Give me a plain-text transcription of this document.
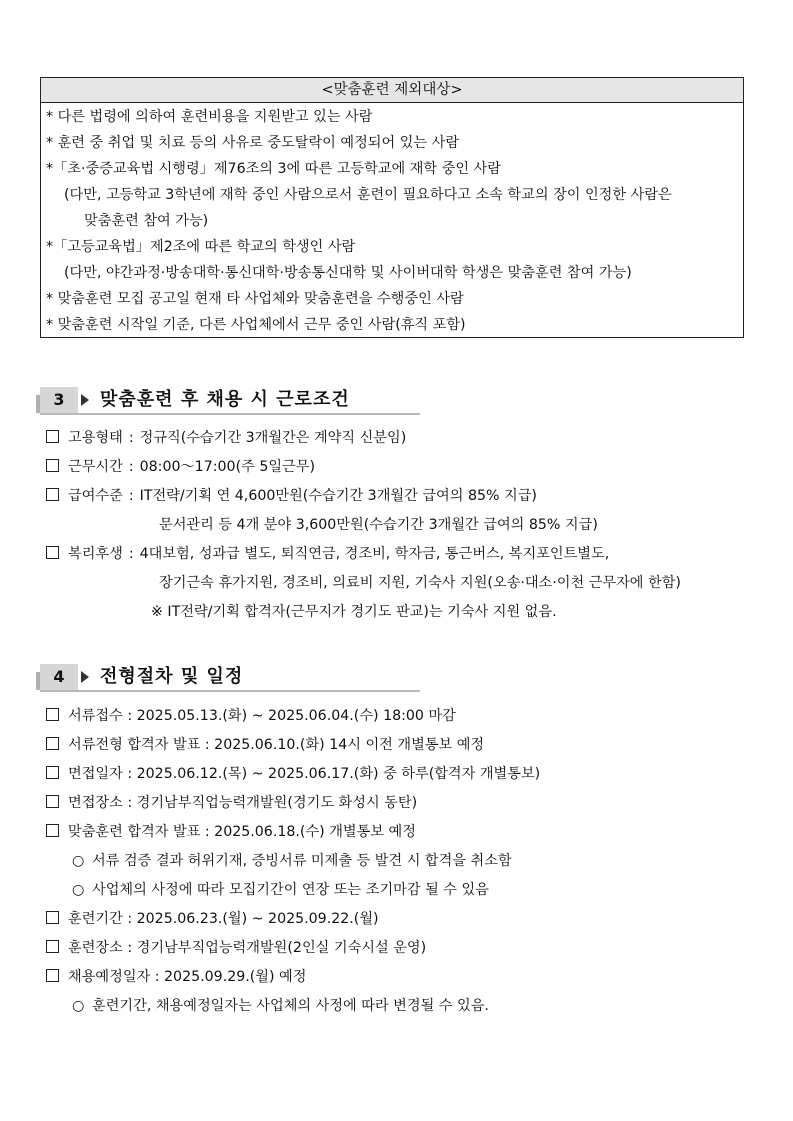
<맞춤훈련 제외대상>
* 다른 법령에 의하여 훈련비용을 지원받고 있는 사람
* 훈련 중 취업 및 치료 등의 사유로 중도탈락이 예정되어 있는 사람
*「초·중증교육법 시행령」제76조의 3에 따른 고등학교에 재학 중인 사람
(다만, 고등학교 3학년에 재학 중인 사람으로서 훈련이 필요하다고 소속 학교의 장이 인정한 사람은
맞춤훈련 참여 가능)
*「고등교육법」제2조에 따른 학교의 학생인 사람
(다만, 야간과정·방송대학·통신대학·방송통신대학 및 사이버대학 학생은 맞춤훈련 참여 가능)
* 맞춤훈련 모집 공고일 현재 타 사업체와 맞춤훈련을 수행중인 사람
* 맞춤훈련 시작일 기준, 다른 사업체에서 근무 중인 사람(휴직 포함)
3	맞춤훈련 후 채용 시 근로조건
고용형태 : 정규직(수습기간 3개월간은 계약직 신분임)
근무시간 : 08:00～17:00(주 5일근무)
급여수준 : IT전략/기획 연 4,600만원(수습기간 3개월간 급여의 85% 지급)
문서관리 등 4개 분야 3,600만원(수습기간 3개월간 급여의 85% 지급)
복리후생 : 4대보험, 성과급 별도, 퇴직연금, 경조비, 학자금, 통근버스, 복지포인트별도,
장기근속 휴가지원, 경조비, 의료비 지원, 기숙사 지원(오송·대소·이천 근무자에 한함)
※ IT전략/기획 합격자(근무지가 경기도 판교)는 기숙사 지원 없음.
4	전형절차 및 일정
서류접수 : 2025.05.13.(화) ~ 2025.06.04.(수) 18:00 마감
서류전형 합격자 발표 : 2025.06.10.(화) 14시 이전 개별통보 예정
면접일자 : 2025.06.12.(목) ~ 2025.06.17.(화) 중 하루(합격자 개별통보)
면접장소 : 경기남부직업능력개발원(경기도 화성시 동탄)
맞춤훈련 합격자 발표 : 2025.06.18.(수) 개별통보 예정
○ 서류 검증 결과 허위기재, 증빙서류 미제출 등 발견 시 합격을 취소함
○ 사업체의 사정에 따라 모집기간이 연장 또는 조기마감 될 수 있음
훈련기간 : 2025.06.23.(월) ~ 2025.09.22.(월)
훈련장소 : 경기남부직업능력개발원(2인실 기숙시설 운영)
채용예정일자 : 2025.09.29.(월) 예정
○ 훈련기간, 채용예정일자는 사업체의 사정에 따라 변경될 수 있음.
